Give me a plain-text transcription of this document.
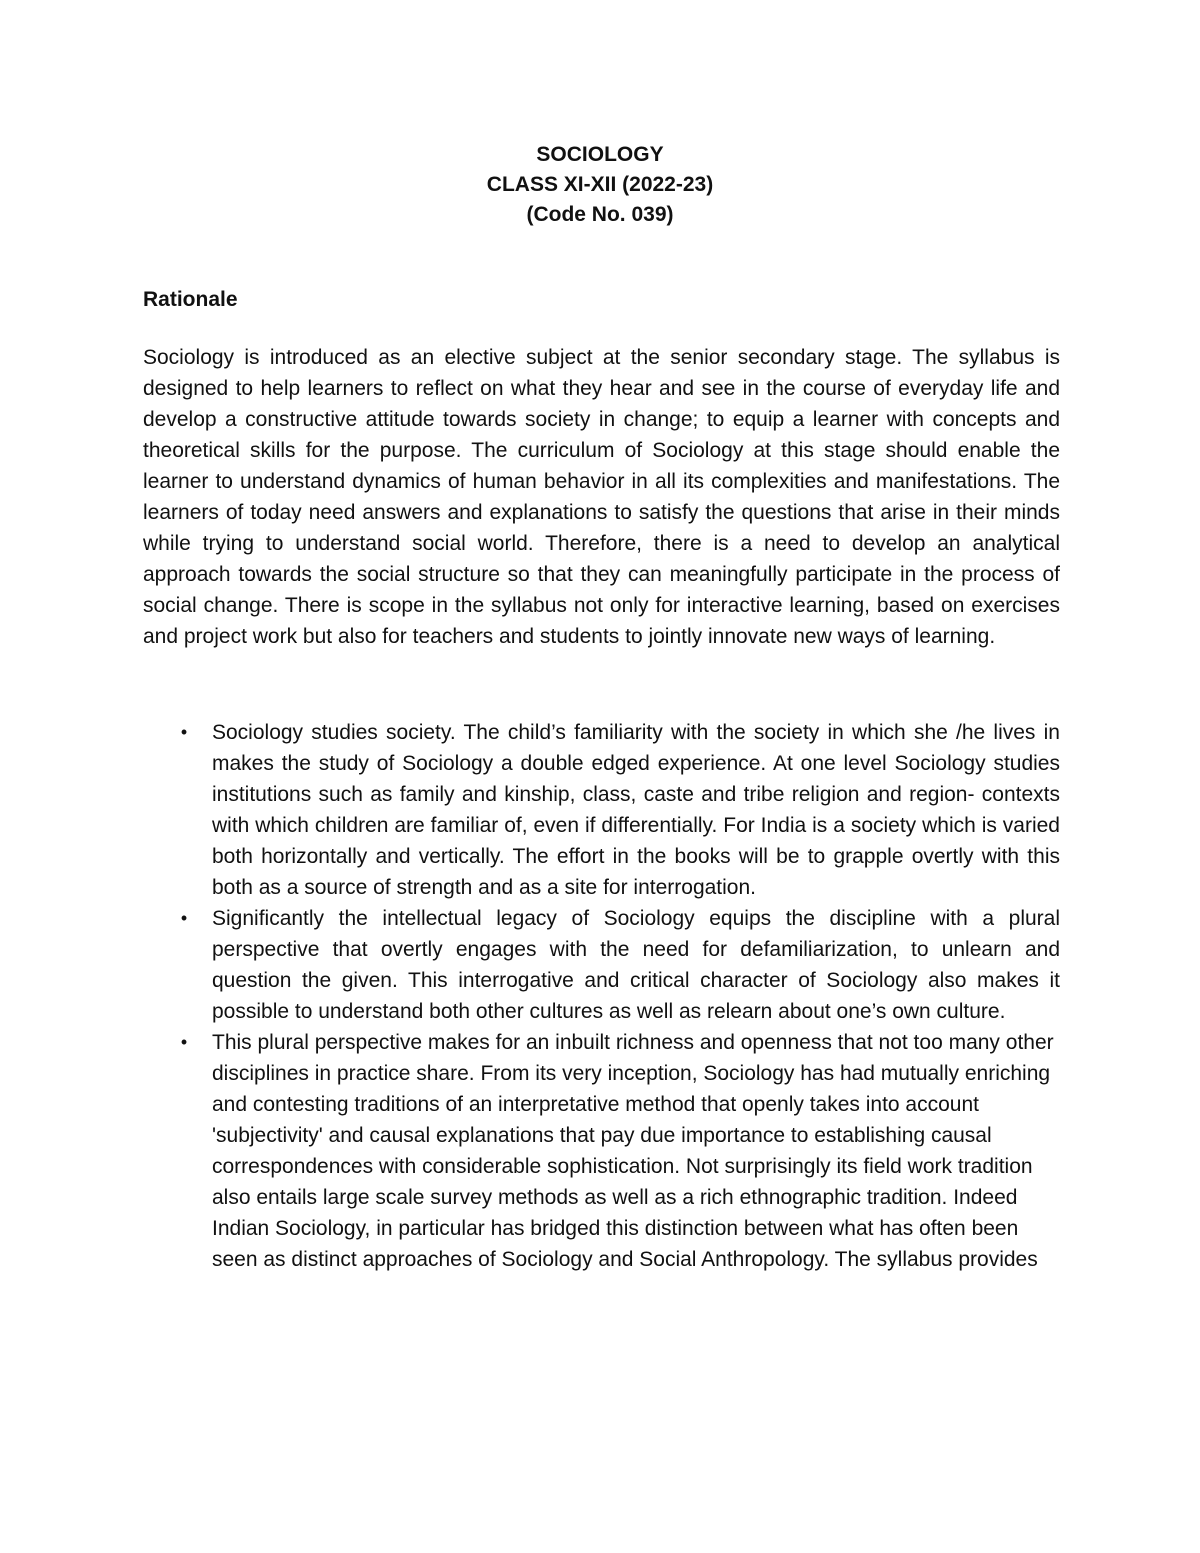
SOCIOLOGY
CLASS XI-XII (2022-23)
(Code No. 039)
Rationale

Sociology is introduced as an elective subject at the senior secondary stage. The syllabus is designed to help learners to reflect on what they hear and see in the course of everyday life and develop a constructive attitude towards society in change; to equip a learner with concepts and theoretical skills for the purpose. The curriculum of Sociology at this stage should enable the learner to understand dynamics of human behavior in all its complexities and manifestations. The learners of today need answers and explanations to satisfy the questions that arise in their minds while trying to understand social world. Therefore, there is a need to develop an analytical approach towards the social structure so that they can meaningfully participate in the process of social change. There is scope in the syllabus not only for interactive learning, based on exercises and project work but also for teachers and students to jointly innovate new ways of learning.

•	Sociology studies society. The child’s familiarity with the society in which she /he lives in makes the study of Sociology a double edged experience. At one level Sociology studies institutions such as family and kinship, class, caste and tribe religion and region- contexts with which children are familiar of, even if differentially. For India is a society which is varied both horizontally and vertically. The effort in the books will be to grapple overtly with this both as a source of strength and as a site for interrogation.
•	Significantly the intellectual legacy of Sociology equips the discipline with a plural perspective that overtly engages with the need for defamiliarization, to unlearn and question the given. This interrogative and critical character of Sociology also makes it possible to understand both other cultures as well as relearn about one’s own culture.
•	This plural perspective makes for an inbuilt richness and openness that not too many other disciplines in practice share. From its very inception, Sociology has had mutually enriching and contesting traditions of an interpretative method that openly takes into account 'subjectivity' and causal explanations that pay due importance to establishing causal correspondences with considerable sophistication. Not surprisingly its field work tradition also entails large scale survey methods as well as a rich ethnographic tradition. Indeed Indian Sociology, in particular has bridged this distinction between what has often been seen as distinct approaches of Sociology and Social Anthropology. The syllabus provides
